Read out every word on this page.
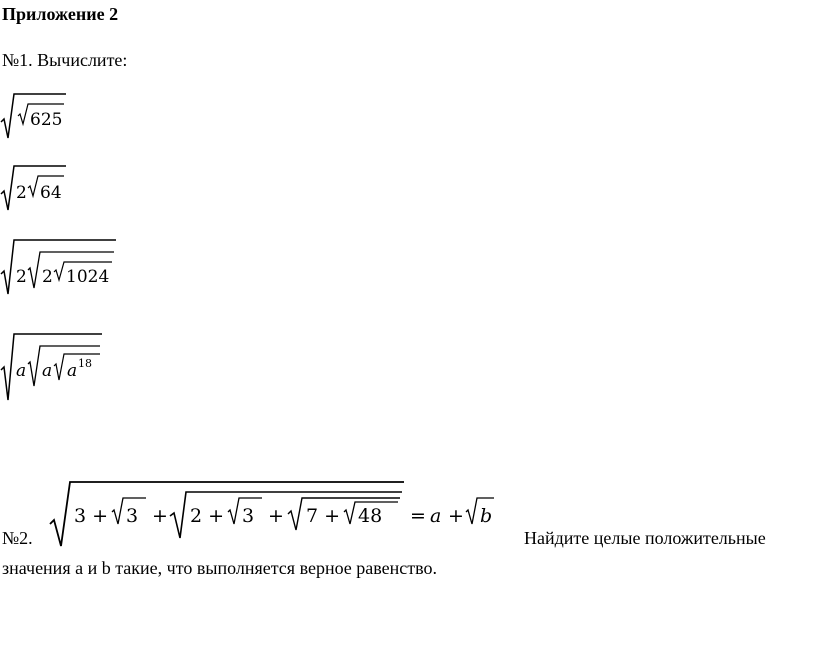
Приложение 2
№1. Вычислите:
625
2 64
2 2 1024
a a a 18
№2.
3 + 3 + 2 + 3 + 7 + 48 = a + b
Найдите целые положительные
значения a и b такие, что выполняется верное равенство.
